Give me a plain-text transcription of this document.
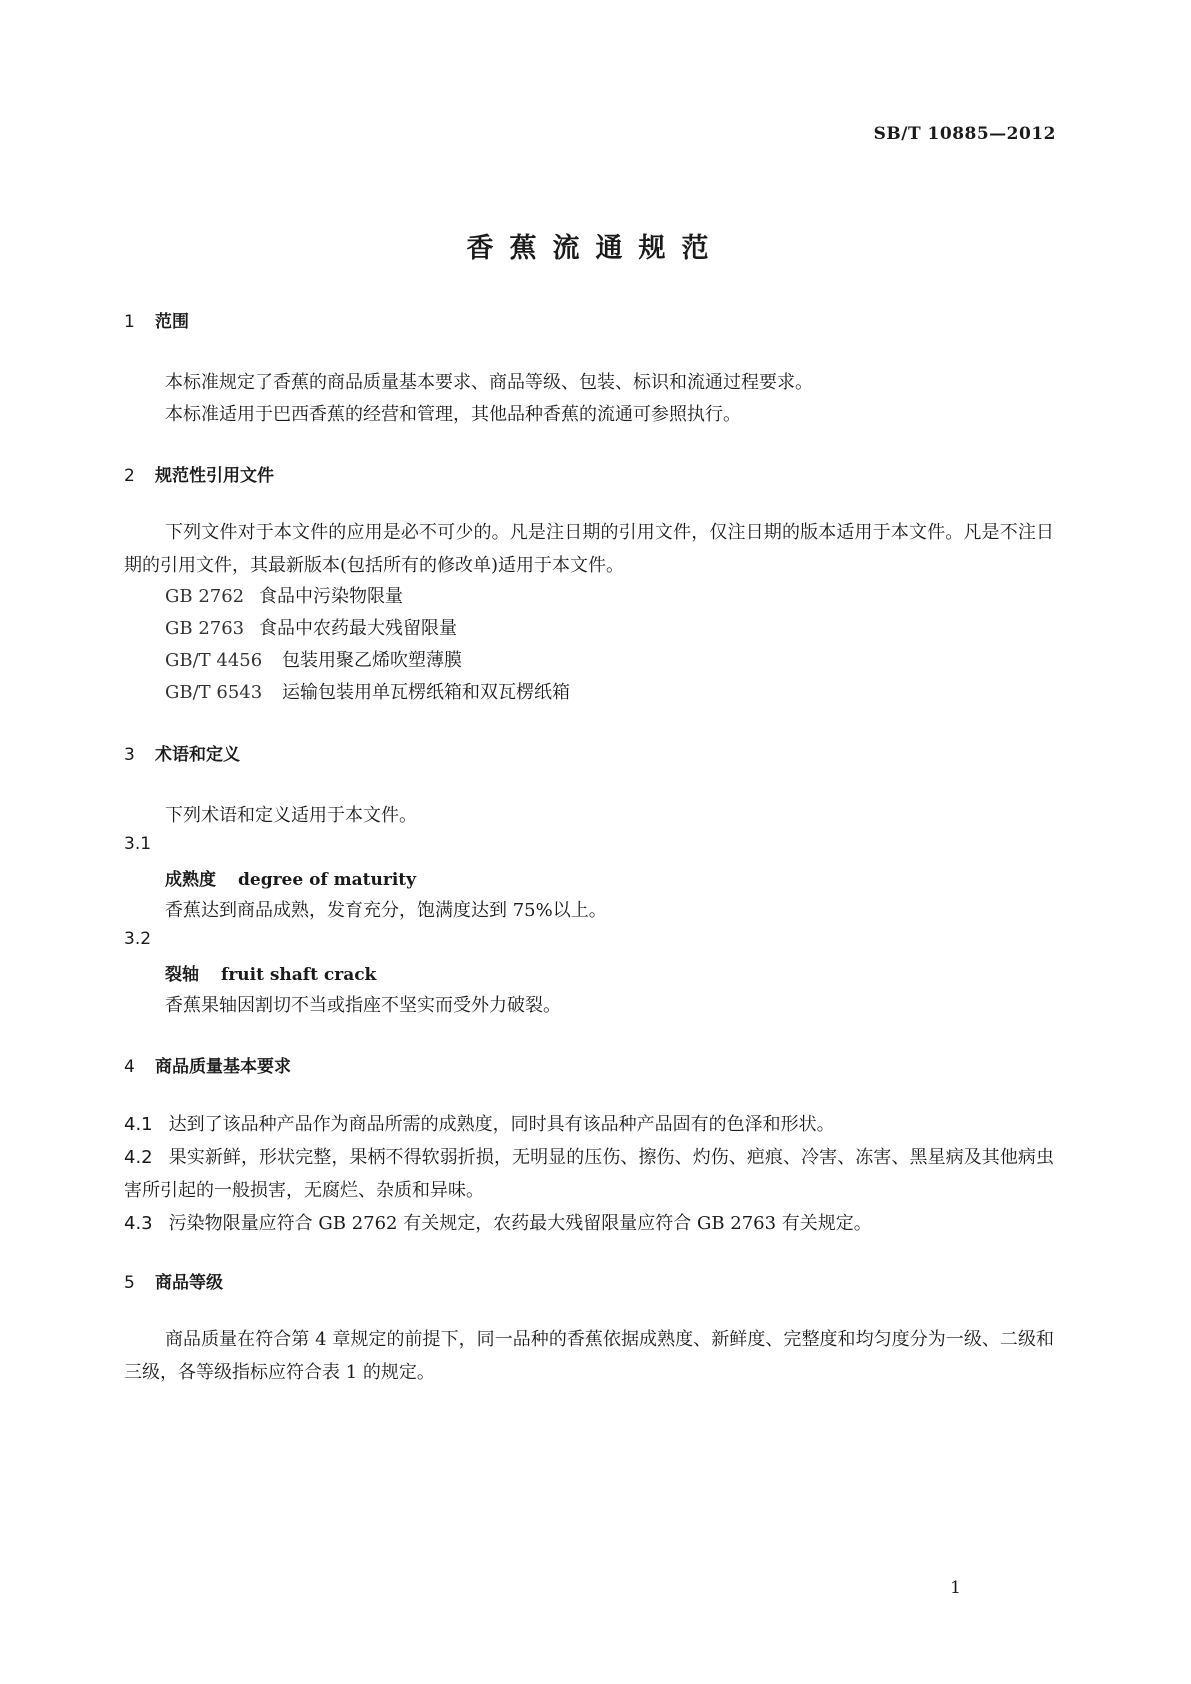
SB/T 10885—2012
香蕉流通规范
1 范围
本标准规定了香蕉的商品质量基本要求、商品等级、包装、标识和流通过程要求。
本标准适用于巴西香蕉的经营和管理，其他品种香蕉的流通可参照执行。
2 规范性引用文件
下列文件对于本文件的应用是必不可少的。凡是注日期的引用文件，仅注日期的版本适用于本文件。凡是不注日期的引用文件，其最新版本(包括所有的修改单)适用于本文件。
GB 2762 食品中污染物限量
GB 2763 食品中农药最大残留限量
GB/T 4456 包装用聚乙烯吹塑薄膜
GB/T 6543 运输包装用单瓦楞纸箱和双瓦楞纸箱
3 术语和定义
下列术语和定义适用于本文件。
3.1
成熟度 degree of maturity
香蕉达到商品成熟，发育充分，饱满度达到 75%以上。
3.2
裂轴 fruit shaft crack
香蕉果轴因割切不当或指座不坚实而受外力破裂。
4 商品质量基本要求
4.1 达到了该品种产品作为商品所需的成熟度，同时具有该品种产品固有的色泽和形状。
4.2 果实新鲜，形状完整，果柄不得软弱折损，无明显的压伤、擦伤、灼伤、疤痕、冷害、冻害、黑星病及其他病虫害所引起的一般损害，无腐烂、杂质和异味。
4.3 污染物限量应符合 GB 2762 有关规定，农药最大残留限量应符合 GB 2763 有关规定。
5 商品等级
商品质量在符合第 4 章规定的前提下，同一品种的香蕉依据成熟度、新鲜度、完整度和均匀度分为一级、二级和三级，各等级指标应符合表 1 的规定。
1
